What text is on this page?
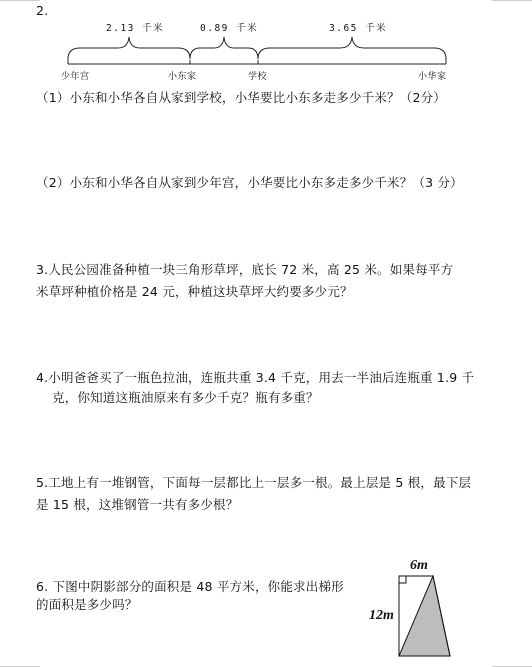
2.
2.13 千米	0.89 千米	3.65 千米
少年宫	小东家	学校	小华家
（1）小东和小华各自从家到学校，小华要比小东多走多少千米？（2分）
（2）小东和小华各自从家到少年宫，小华要比小东多走多少千米？（3 分）
3.人民公园准备种植一块三角形草坪，底长 72 米，高 25 米。如果每平方
米草坪种植价格是 24 元，种植这块草坪大约要多少元？
4.小明爸爸买了一瓶色拉油，连瓶共重 3.4 千克，用去一半油后连瓶重 1.9 千
克，你知道这瓶油原来有多少千克？瓶有多重？
5.工地上有一堆钢管，下面每一层都比上一层多一根。最上层是 5 根，最下层
是 15 根，这堆钢管一共有多少根？
6. 下图中阴影部分的面积是 48 平方米，你能求出梯形
的面积是多少吗？
6m
12m
